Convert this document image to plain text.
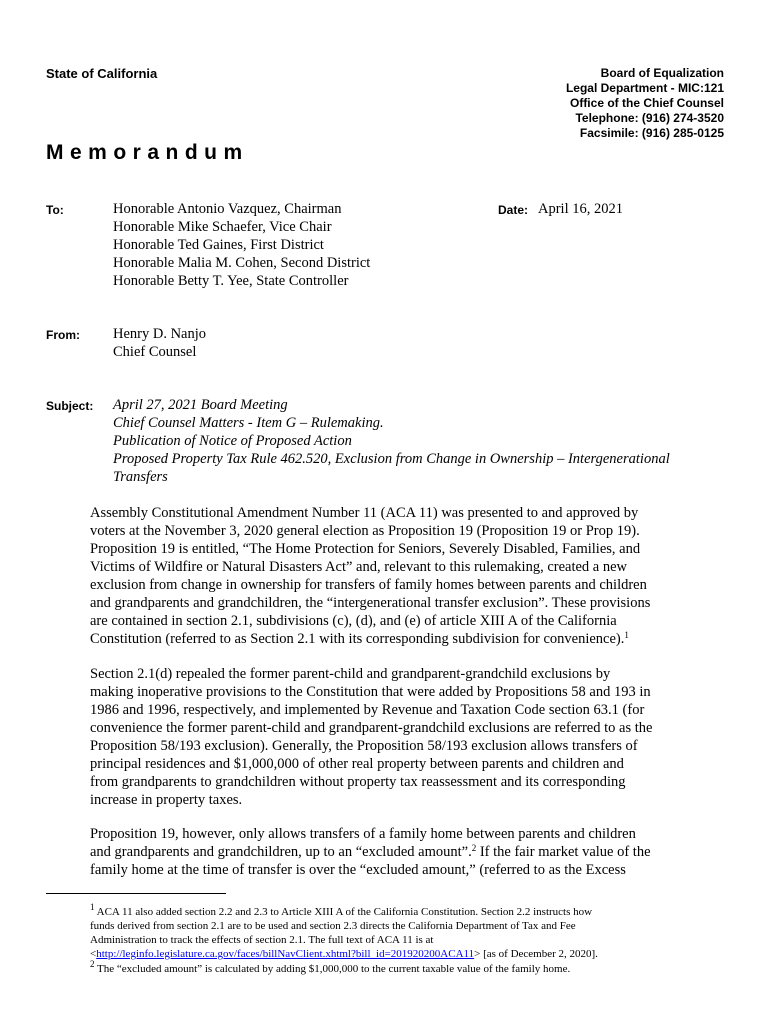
State of California	Board of Equalization
Legal Department - MIC:121
Office of the Chief Counsel
Telephone: (916) 274-3520
Facsimile: (916) 285-0125
Memorandum
To:	Honorable Antonio Vazquez, Chairman
Honorable Mike Schaefer, Vice Chair
Honorable Ted Gaines, First District
Honorable Malia M. Cohen, Second District
Honorable Betty T. Yee, State Controller
Date: April 16, 2021
From: Henry D. Nanjo
Chief Counsel
Subject: April 27, 2021 Board Meeting
Chief Counsel Matters - Item G – Rulemaking.
Publication of Notice of Proposed Action
Proposed Property Tax Rule 462.520, Exclusion from Change in Ownership – Intergenerational
Transfers

Assembly Constitutional Amendment Number 11 (ACA 11) was presented to and approved by
voters at the November 3, 2020 general election as Proposition 19 (Proposition 19 or Prop 19).
Proposition 19 is entitled, “The Home Protection for Seniors, Severely Disabled, Families, and
Victims of Wildfire or Natural Disasters Act” and, relevant to this rulemaking, created a new
exclusion from change in ownership for transfers of family homes between parents and children
and grandparents and grandchildren, the “intergenerational transfer exclusion”. These provisions
are contained in section 2.1, subdivisions (c), (d), and (e) of article XIII A of the California
Constitution (referred to as Section 2.1 with its corresponding subdivision for convenience).$^1$

Section 2.1(d) repealed the former parent-child and grandparent-grandchild exclusions by
making inoperative provisions to the Constitution that were added by Propositions 58 and 193 in
1986 and 1996, respectively, and implemented by Revenue and Taxation Code section 63.1 (for
convenience the former parent-child and grandparent-grandchild exclusions are referred to as the
Proposition 58/193 exclusion). Generally, the Proposition 58/193 exclusion allows transfers of
principal residences and $1,000,000 of other real property between parents and children and
from grandparents to grandchildren without property tax reassessment and its corresponding
increase in property taxes.

Proposition 19, however, only allows transfers of a family home between parents and children
and grandparents and grandchildren, up to an “excluded amount”.$^2$ If the fair market value of the
family home at the time of transfer is over the “excluded amount,” (referred to as the Excess

$^1$ ACA 11 also added section 2.2 and 2.3 to Article XIII A of the California Constitution. Section 2.2 instructs how
funds derived from section 2.1 are to be used and section 2.3 directs the California Department of Tax and Fee
Administration to track the effects of section 2.1. The full text of ACA 11 is at
<http://leginfo.legislature.ca.gov/faces/billNavClient.xhtml?bill_id=201920200ACA11> [as of December 2, 2020].

$^2$ The “excluded amount” is calculated by adding $1,000,000 to the current taxable value of the family home.
